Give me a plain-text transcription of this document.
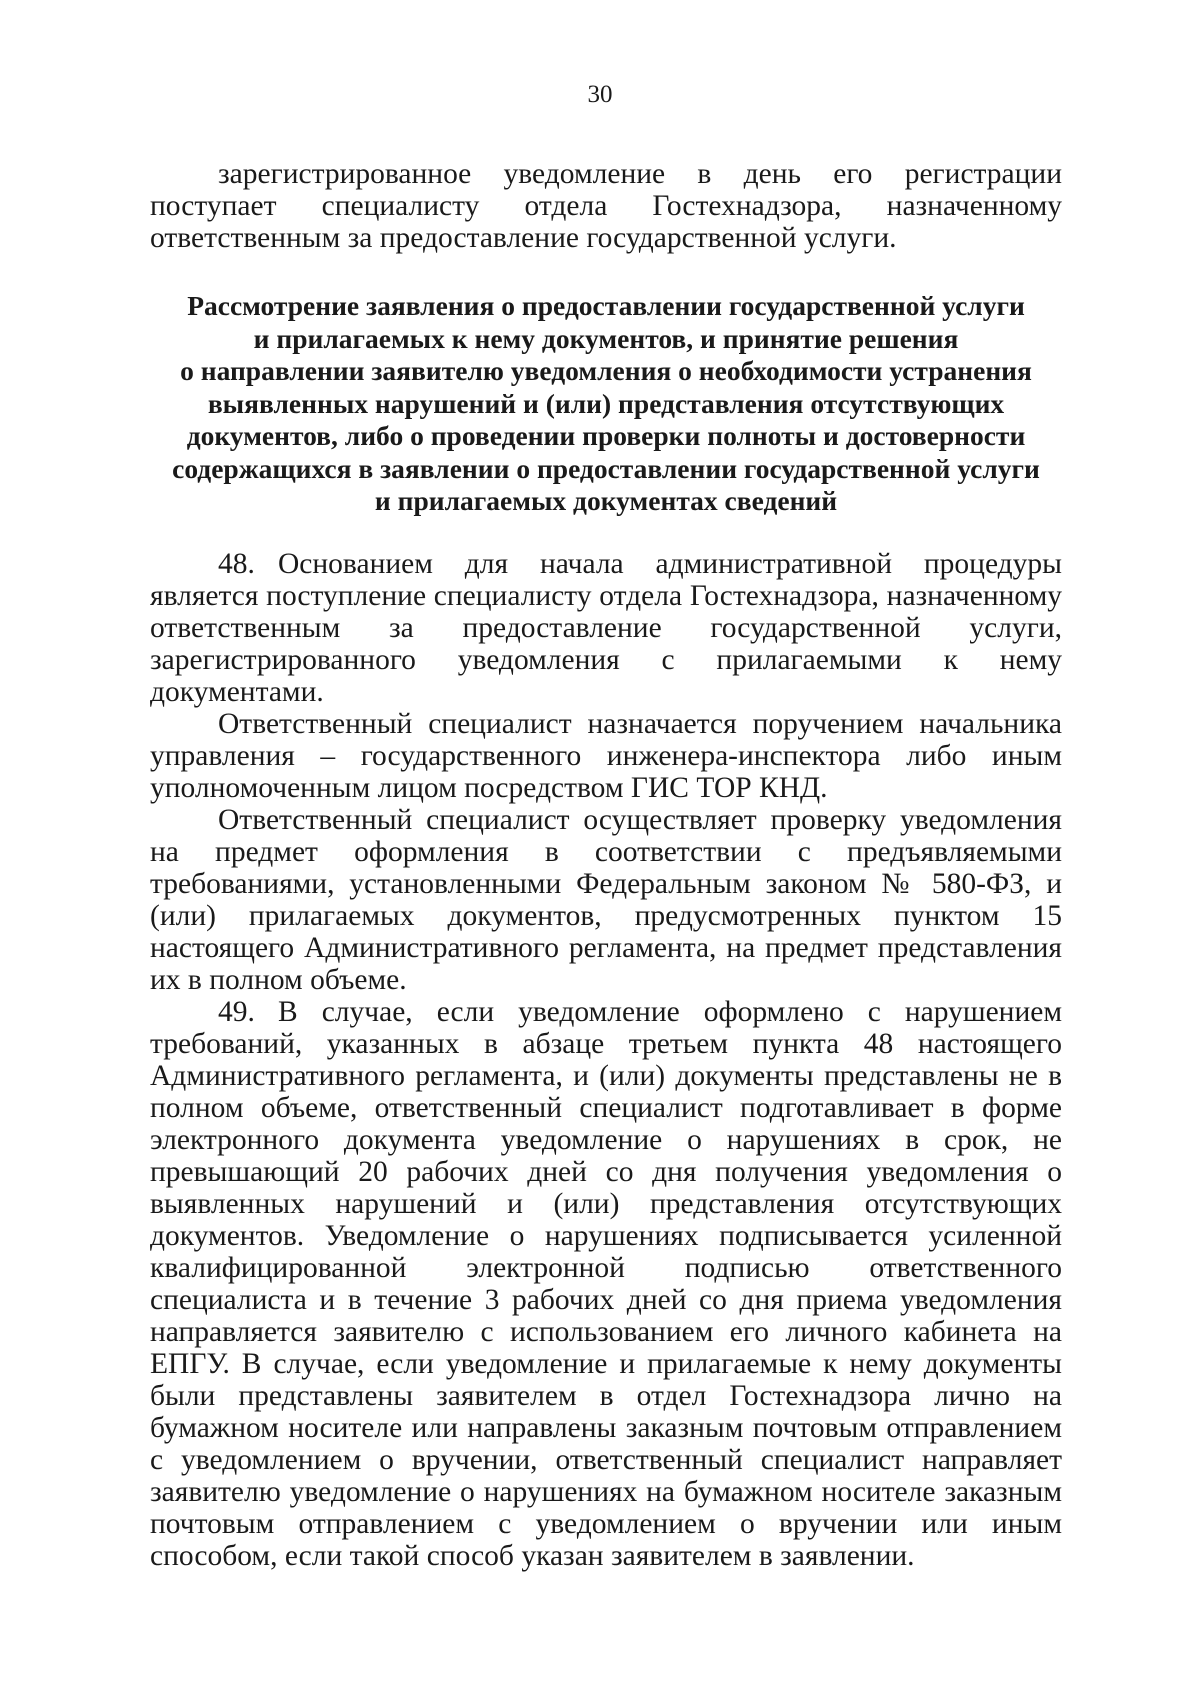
30

зарегистрированное уведомление в день его регистрации поступает специалисту отдела Гостехнадзора, назначенному ответственным за предоставление государственной услуги.

Рассмотрение заявления о предоставлении государственной услуги
и прилагаемых к нему документов, и принятие решения
о направлении заявителю уведомления о необходимости устранения
выявленных нарушений и (или) представления отсутствующих
документов, либо о проведении проверки полноты и достоверности
содержащихся в заявлении о предоставлении государственной услуги
и прилагаемых документах сведений

48. Основанием для начала административной процедуры является поступление специалисту отдела Гостехнадзора, назначенному ответственным за предоставление государственной услуги, зарегистрированного уведомления с прилагаемыми к нему документами.

Ответственный специалист назначается поручением начальника управления – государственного инженера-инспектора либо иным уполномоченным лицом посредством ГИС ТОР КНД.

Ответственный специалист осуществляет проверку уведомления на предмет оформления в соответствии с предъявляемыми требованиями, установленными Федеральным законом № 580-ФЗ, и (или) прилагаемых документов, предусмотренных пунктом 15 настоящего Административного регламента, на предмет представления их в полном объеме.

49. В случае, если уведомление оформлено с нарушением требований, указанных в абзаце третьем пункта 48 настоящего Административного регламента, и (или) документы представлены не в полном объеме, ответственный специалист подготавливает в форме электронного документа уведомление о нарушениях в срок, не превышающий 20 рабочих дней со дня получения уведомления о выявленных нарушений и (или) представления отсутствующих документов. Уведомление о нарушениях подписывается усиленной квалифицированной электронной подписью ответственного специалиста и в течение 3 рабочих дней со дня приема уведомления направляется заявителю с использованием его личного кабинета на ЕПГУ. В случае, если уведомление и прилагаемые к нему документы были представлены заявителем в отдел Гостехнадзора лично на бумажном носителе или направлены заказным почтовым отправлением с уведомлением о вручении, ответственный специалист направляет заявителю уведомление о нарушениях на бумажном носителе заказным почтовым отправлением с уведомлением о вручении или иным способом, если такой способ указан заявителем в заявлении.
